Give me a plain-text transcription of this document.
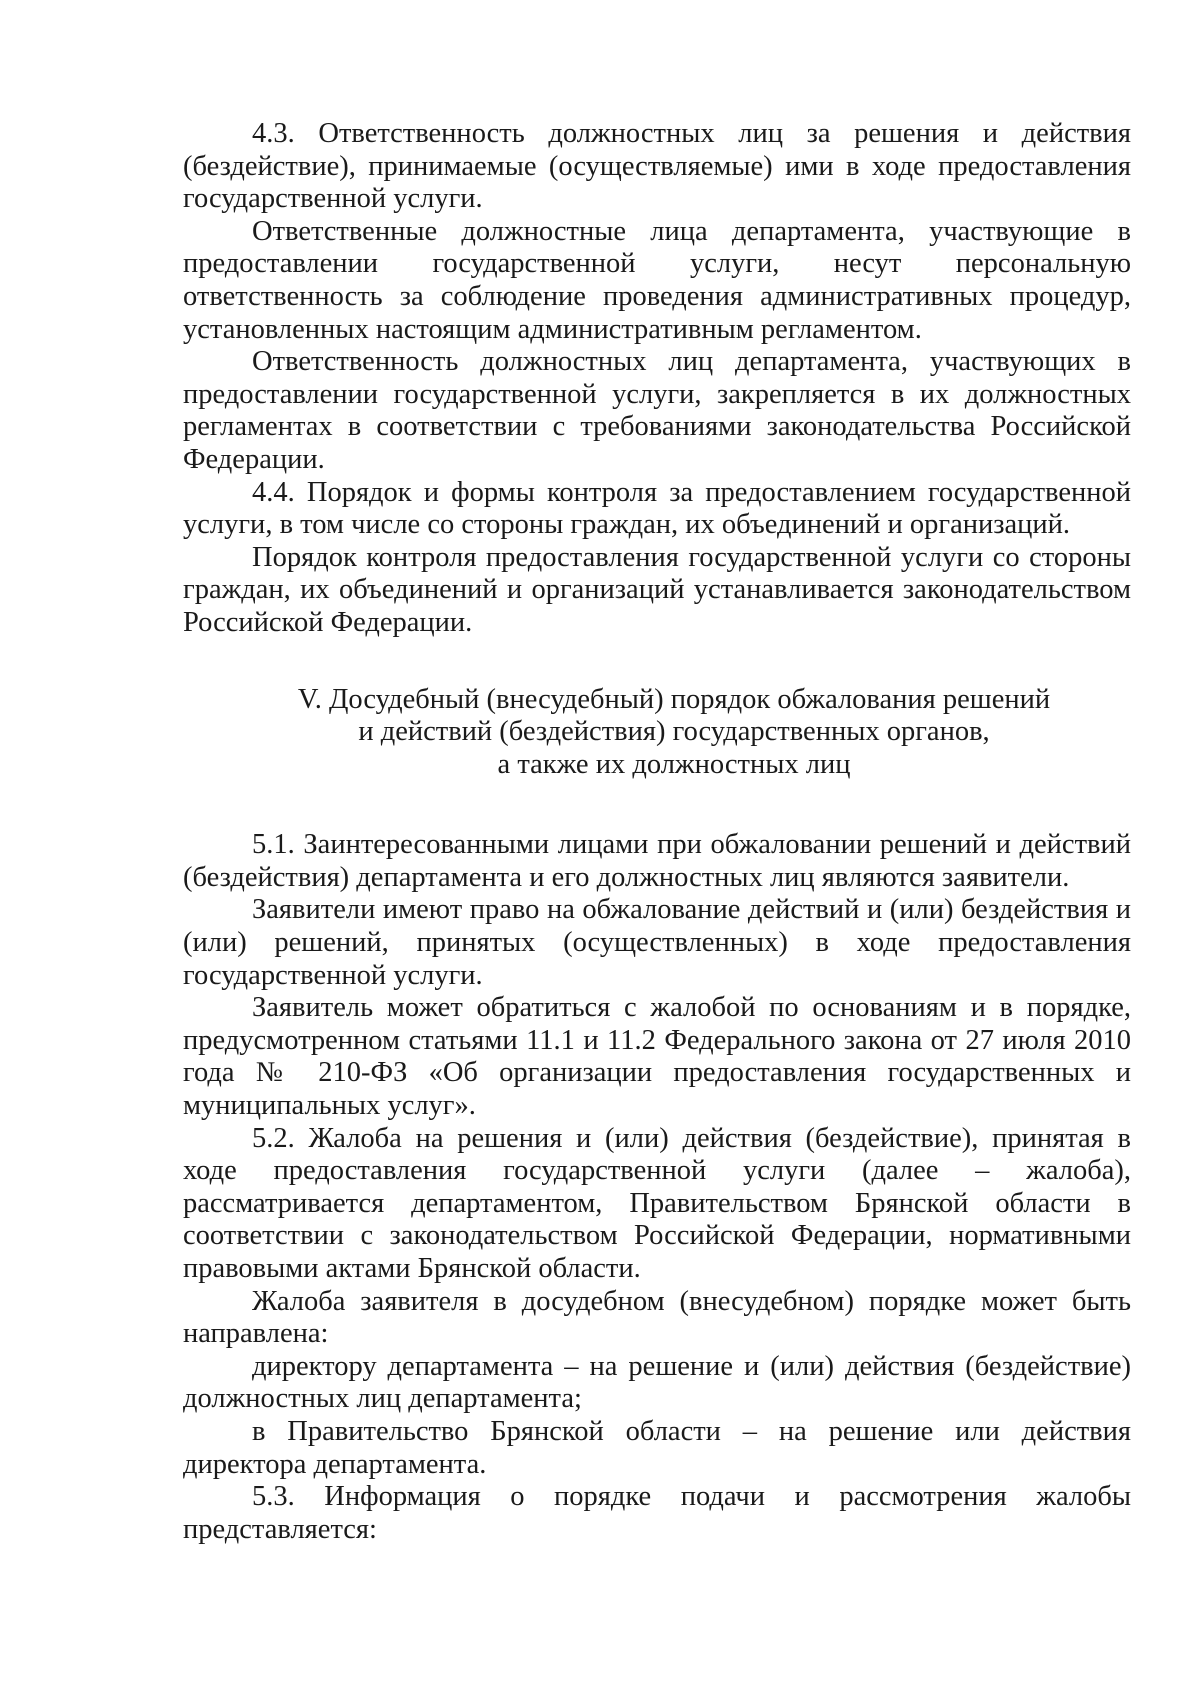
4.3. Ответственность должностных лиц за решения и действия (бездействие), принимаемые (осуществляемые) ими в ходе предоставления государственной услуги.

Ответственные должностные лица департамента, участвующие в предоставлении государственной услуги, несут персональную ответственность за соблюдение проведения административных процедур, установленных настоящим административным регламентом.

Ответственность должностных лиц департамента, участвующих в предоставлении государственной услуги, закрепляется в их должностных регламентах в соответствии с требованиями законодательства Российской Федерации.

4.4. Порядок и формы контроля за предоставлением государственной услуги, в том числе со стороны граждан, их объединений и организаций.

Порядок контроля предоставления государственной услуги со стороны граждан, их объединений и организаций устанавливается законодательством Российской Федерации.

V. Досудебный (внесудебный) порядок обжалования решений
и действий (бездействия) государственных органов,
а также их должностных лиц

5.1. Заинтересованными лицами при обжаловании решений и действий (бездействия) департамента и его должностных лиц являются заявители.

Заявители имеют право на обжалование действий и (или) бездействия и (или) решений, принятых (осуществленных) в ходе предоставления государственной услуги.

Заявитель может обратиться с жалобой по основаниям и в порядке, предусмотренном статьями 11.1 и 11.2 Федерального закона от 27 июля 2010 года № 210-ФЗ «Об организации предоставления государственных и муниципальных услуг».

5.2. Жалоба на решения и (или) действия (бездействие), принятая в ходе предоставления государственной услуги (далее – жалоба), рассматривается департаментом, Правительством Брянской области в соответствии с законодательством Российской Федерации, нормативными правовыми актами Брянской области.

Жалоба заявителя в досудебном (внесудебном) порядке может быть направлена:

директору департамента – на решение и (или) действия (бездействие) должностных лиц департамента;

в Правительство Брянской области – на решение или действия директора департамента.

5.3. Информация о порядке подачи и рассмотрения жалобы представляется:
